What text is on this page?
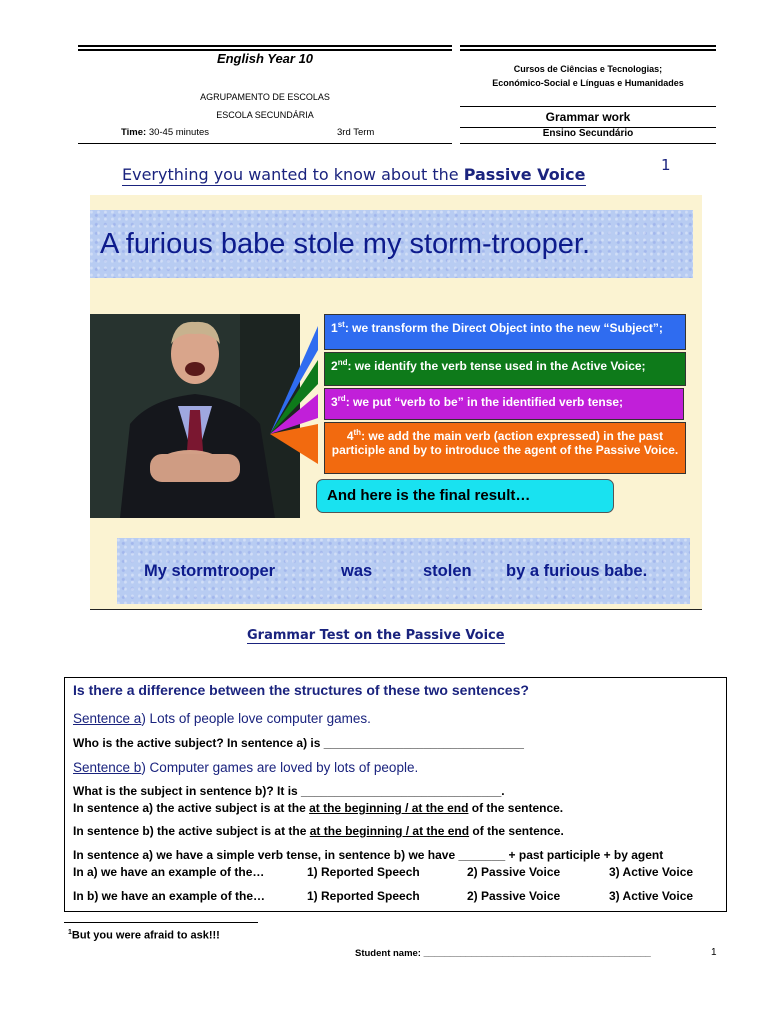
English Year 10
AGRUPAMENTO DE ESCOLAS
ESCOLA SECUNDÁRIA
Time: 30-45 minutes	3rd Term
Cursos de Ciências e Tecnologias;
Económico-Social e Línguas e Humanidades
Grammar work
Ensino Secundário
Everything you wanted to know about the Passive Voice	1
A furious babe stole my storm-trooper.
1st: we transform the Direct Object into the new “Subject”;
2nd: we identify the verb tense used in the Active Voice;
3rd: we put “verb to be” in the identified verb tense;
4th: we add the main verb (action expressed) in the past participle and by to introduce the agent of the Passive Voice.
And here is the final result…
My stormtrooper	was	stolen by a furious babe.
Grammar Test on the Passive Voice
Is there a difference between the structures of these two sentences?
Sentence a) Lots of people love computer games.
Who is the active subject? In sentence a) is ______________________________
Sentence b) Computer games are loved by lots of people.
What is the subject in sentence b)? It is ______________________________.
In sentence a) the active subject is at the at the beginning / at the end of the sentence.
In sentence b) the active subject is at the at the beginning / at the end of the sentence.
In sentence a) we have a simple verb tense, in sentence b) we have _______ + past participle + by agent
In a) we have an example of the…	1) Reported Speech	2) Passive Voice	3) Active Voice
In b) we have an example of the…	1) Reported Speech	2) Passive Voice	3) Active Voice
$^1$But you were afraid to ask!!!
Student name: ___________________________________________	1
